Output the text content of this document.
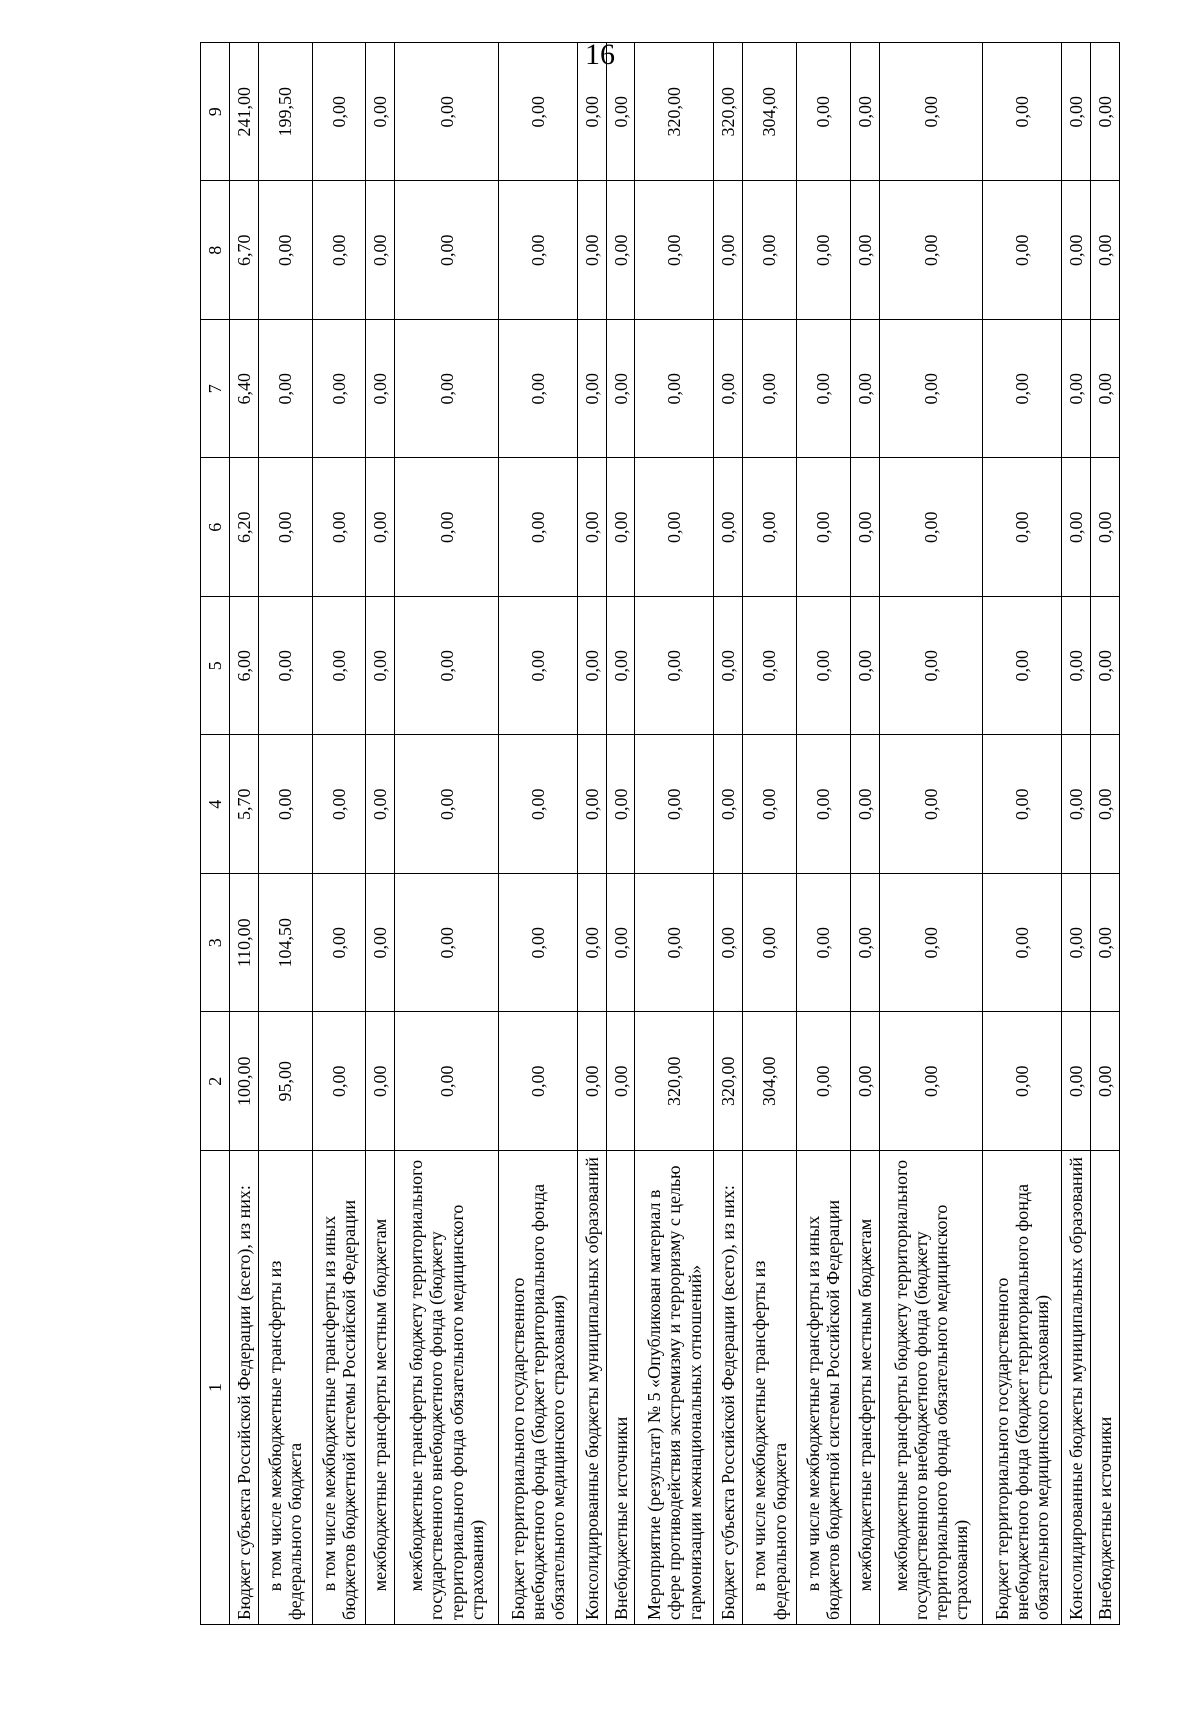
16
1	2	3	4	5	6	7	8	9
Бюджет субъекта Российской Федерации (всего), из них:	100,00	110,00	5,70	6,00	6,20	6,40	6,70	241,00
в том числе межбюджетные трансферты из федерального бюджета	95,00	104,50	0,00	0,00	0,00	0,00	0,00	199,50
в том числе межбюджетные трансферты из иных бюджетов бюджетной системы Российской Федерации	0,00	0,00	0,00	0,00	0,00	0,00	0,00	0,00
межбюджетные трансферты местным бюджетам	0,00	0,00	0,00	0,00	0,00	0,00	0,00	0,00
межбюджетные трансферты бюджету территориального государственного внебюджетного фонда (бюджету территориального фонда обязательного медицинского страхования)	0,00	0,00	0,00	0,00	0,00	0,00	0,00	0,00
Бюджет территориального государственного внебюджетного фонда (бюджет территориального фонда обязательного медицинского страхования)	0,00	0,00	0,00	0,00	0,00	0,00	0,00	0,00
Консолидированные бюджеты муниципальных образований	0,00	0,00	0,00	0,00	0,00	0,00	0,00	0,00
Внебюджетные источники	0,00	0,00	0,00	0,00	0,00	0,00	0,00	0,00
Мероприятие (результат) № 5 «Опубликован материал в сфере противодействия экстремизму и терроризму с целью гармонизации межнациональных отношений»	320,00	0,00	0,00	0,00	0,00	0,00	0,00	320,00
Бюджет субъекта Российской Федерации (всего), из них:	320,00	0,00	0,00	0,00	0,00	0,00	0,00	320,00
в том числе межбюджетные трансферты из федерального бюджета	304,00	0,00	0,00	0,00	0,00	0,00	0,00	304,00
в том числе межбюджетные трансферты из иных бюджетов бюджетной системы Российской Федерации	0,00	0,00	0,00	0,00	0,00	0,00	0,00	0,00
межбюджетные трансферты местным бюджетам	0,00	0,00	0,00	0,00	0,00	0,00	0,00	0,00
межбюджетные трансферты бюджету территориального государственного внебюджетного фонда (бюджету территориального фонда обязательного медицинского страхования)	0,00	0,00	0,00	0,00	0,00	0,00	0,00	0,00
Бюджет территориального государственного внебюджетного фонда (бюджет территориального фонда обязательного медицинского страхования)	0,00	0,00	0,00	0,00	0,00	0,00	0,00	0,00
Консолидированные бюджеты муниципальных образований	0,00	0,00	0,00	0,00	0,00	0,00	0,00	0,00
Внебюджетные источники	0,00	0,00	0,00	0,00	0,00	0,00	0,00	0,00
